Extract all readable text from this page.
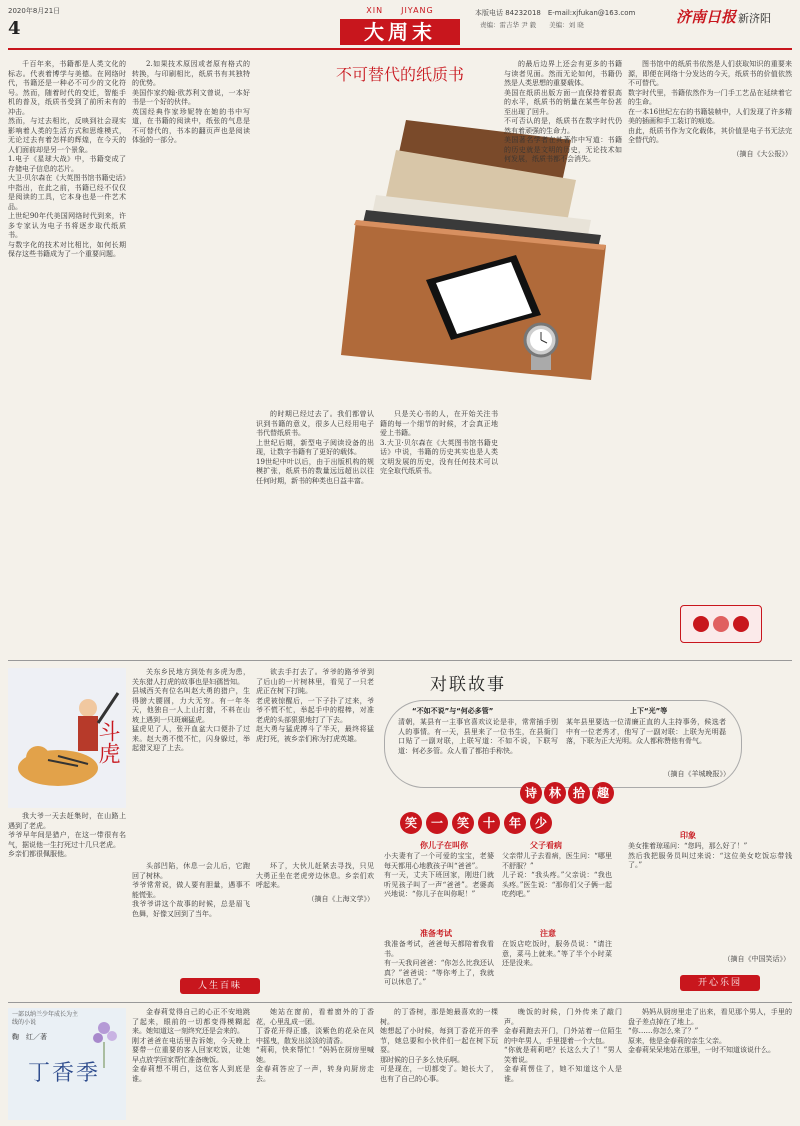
2020年8月21日
4
XIN　　JIYANG
大周末
本版电话 84232018　E-mail:xjfukan@163.com
责编：雷吉华 尹 毅　　美编：刘 晓	济南日报 新济阳
不可替代的纸质书

千百年来，书籍都是人类文化的标志。代表着博学与美德。在网络时代，书籍还是一种必不可少的文化符号。然而，随着时代的变迁，智能手机的普及，纸质书受到了前所未有的冲击。
然而，与过去相比，反映到社会现实影响着人类的生活方式和思维模式，无论过去有着怎样的辉煌，在今天的人们面前却是另一个景象。
1.电子《星球大战》中，书籍变成了存储电子信息的芯片。
大卫·贝尔森在《大英图书馆书籍史话》中指出，在此之前，书籍已经不仅仅是阅读的工具，它本身也是一件艺术品。
上世纪90年代美国网络时代到来，许多专家认为电子书将逐步取代纸质书。
与数字化的技术对比相比，如何长期保存这些书籍成为了一个重要问题。

2.如果技术原因或者原有格式的转换，与印刷相比，纸质书有其独特的优势。
美国作家约翰·欧苏利文曾说，一本好书是一个好的伙伴。
英国经典作家珍妮特在她的书中写道，在书籍的阅读中，纸张的气息是不可替代的，书本的翻页声也是阅读体验的一部分。

的时期已经过去了。我们都曾认识到书籍的意义，很多人已经用电子书代替纸质书。
上世纪后期，新型电子阅读设备的出现，让数字书籍有了更好的载体。
19世纪中叶以后，由于出版机构的规模扩张，纸质书的数量远远超出以往任何时期，新书的种类也日益丰富。

只是关心书的人，在开始关注书籍的每一个细节的时候，才会真正地爱上书籍。
3.大卫·贝尔森在《大英图书馆书籍史话》中说，书籍的历史其实也是人类文明发展的历史，没有任何技术可以完全取代纸质书。

的最后边界上还会有更多的书籍与读者见面。然而无论如何，书籍仍然是人类思想的重要载体。
美国在纸质出版方面一直保持着很高的水平，纸质书的销量在某些年份甚至出现了回升。
不可否认的是，纸质书在数字时代仍然有着顽强的生命力。
美国著名学者在其著作中写道：书籍的历史就是文明的历史，无论技术如何发展，纸质书都不会消失。

图书馆中的纸质书依然是人们获取知识的重要来源，即便在网络十分发达的今天，纸质书的价值依然不可替代。
数字时代里，书籍依然作为一门手工艺品在延续着它的生命。
在一本16世纪左右的书籍装帧中，人们发现了许多精美的插画和手工装订的痕迹。
由此，纸质书作为文化载体，其价值是电子书无法完全替代的。

（摘自《大公报》）
斗虎

关东乡民地方到处有多虎为患，关东猎人打虎的故事也是妇孺皆知。
县城西关有位名叫赵大勇的猎户，生得膀大腰圆，力大无穷。有一年冬天，他独自一人上山打猎，不料在山坡上遇到一只斑斓猛虎。
猛虎见了人，张开血盆大口便扑了过来。赵大勇不慌不忙，闪身躲过，举起猎叉迎了上去。

欲去手打去了。爷爷的路爷爷到了后山的一片树林里，看见了一只老虎正在树下打盹。
老虎被惊醒后，一下子扑了过来，爷爷不慌不忙，举起手中的棍棒，对准老虎的头部狠狠地打了下去。
赵大勇与猛虎搏斗了半天，最终将猛虎打死，被乡亲们称为打虎英雄。

我大爷一天去赶集时，在山路上遇到了老虎。
爷爷早年间是猎户，在这一带很有名气，据说他一生打死过十几只老虎。
乡亲们都很佩服他。

头部凹陷，休息一会儿后，它跑回了树林。
爷爷常常说，做人要有胆量，遇事不能慌张。
我爷爷讲这个故事的时候，总是眉飞色舞，好像又回到了当年。

坏了，大伙儿赶紧去寻找，只见大勇正坐在老虎旁边休息。乡亲们欢呼起来。

（摘自《上海文学》）
人生百味
对联故事
“不如不说”与“何必多管”
清朝，某县有一主事官喜欢议论是非，常常插手别人的事情。有一天，县里来了一位书生，在县衙门口贴了一副对联，上联写道：不如不说，下联写道：何必多管。众人看了都拍手称快。
上下“光”等
某年县里要选一位清廉正直的人主持事务，候选者中有一位老秀才，他写了一副对联：上联为光明磊落，下联为正大光明。众人都称赞他有骨气。
（摘自《羊城晚报》）
诗 林 拾 趣
笑	一	笑	十	年	少
你儿子在叫你
小夫妻有了一个可爱的宝宝，老婆每天都用心地教孩子叫“爸爸”。
有一天，丈夫下班回家，刚进门就听见孩子叫了一声“爸爸”。老婆高兴地说：“你儿子在叫你呢！”
父子看病
父亲带儿子去看病，医生问：“哪里不舒服？”
儿子说：“我头疼。”父亲说：“我也头疼。”医生说：“那你们父子俩一起吃药吧。”
准备考试
我准备考试，爸爸每天都陪着我看书。
有一天我问爸爸：“你怎么比我还认真？”爸爸说：“等你考上了，我就可以休息了。”
注意
在饭店吃饭时，服务员说：“请注意，菜马上就来。”等了半个小时菜还是没来。
印象
美女推着琼瑶问：“您吗，那么好了！”
然后我把服务员叫过来说：“这位美女吃饭忘带钱了。”
（摘自《中国笑话》）
开心乐园
一部以纳兰少年成长为主线的小说
鞠　红／著
丁香季

金春莉觉得自己的心正不安地跳了起来，眼前的一切都变得模糊起来。她知道这一刻终究还是会来的。
刚才爸爸在电话里告诉她，今天晚上要带一位重要的客人回家吃饭，让她早点放学回家帮忙准备晚饭。
金春莉想不明白，这位客人到底是谁。

她站在窗前，看着窗外的丁香花，心里乱成一团。
丁香花开得正盛，淡紫色的花朵在风中摇曳，散发出淡淡的清香。
“莉莉，快来帮忙！”妈妈在厨房里喊她。
金春莉答应了一声，转身向厨房走去。

的丁香树，那是她最喜欢的一棵树。
她想起了小时候，每到丁香花开的季节，她总要和小伙伴们一起在树下玩耍。
那时候的日子多么快乐啊。
可是现在，一切都变了。她长大了，也有了自己的心事。

晚饭的时候，门外传来了敲门声。
金春莉跑去开门，门外站着一位陌生的中年男人，手里提着一个大包。
“你就是莉莉吧？长这么大了！”男人笑着说。
金春莉愣住了，她不知道这个人是谁。

妈妈从厨房里走了出来，看见那个男人，手里的盘子差点掉在了地上。
“你……你怎么来了？”
原来，他是金春莉的亲生父亲。
金春莉呆呆地站在那里，一时不知道该说什么。
